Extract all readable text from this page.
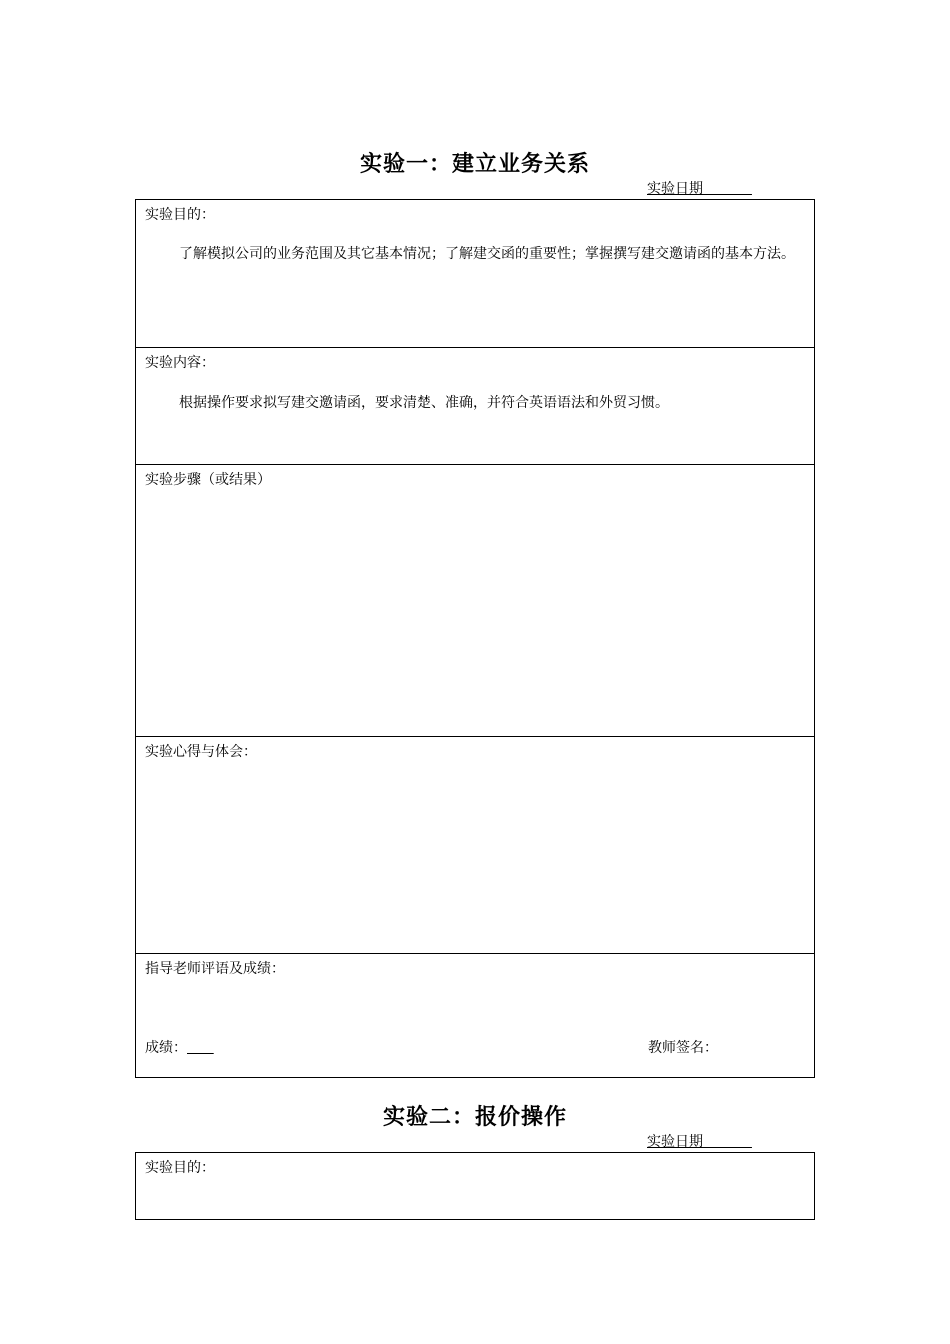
实验一：建立业务关系
实验日期
实验目的：
了解模拟公司的业务范围及其它基本情况；了解建交函的重要性；掌握撰写建交邀请函的基本方法。
实验内容：
根据操作要求拟写建交邀请函，要求清楚、准确，并符合英语语法和外贸习惯。
实验步骤（或结果）
实验心得与体会：
指导老师评语及成绩：
成绩：	教师签名：
实验二：报价操作
实验日期
实验目的：
